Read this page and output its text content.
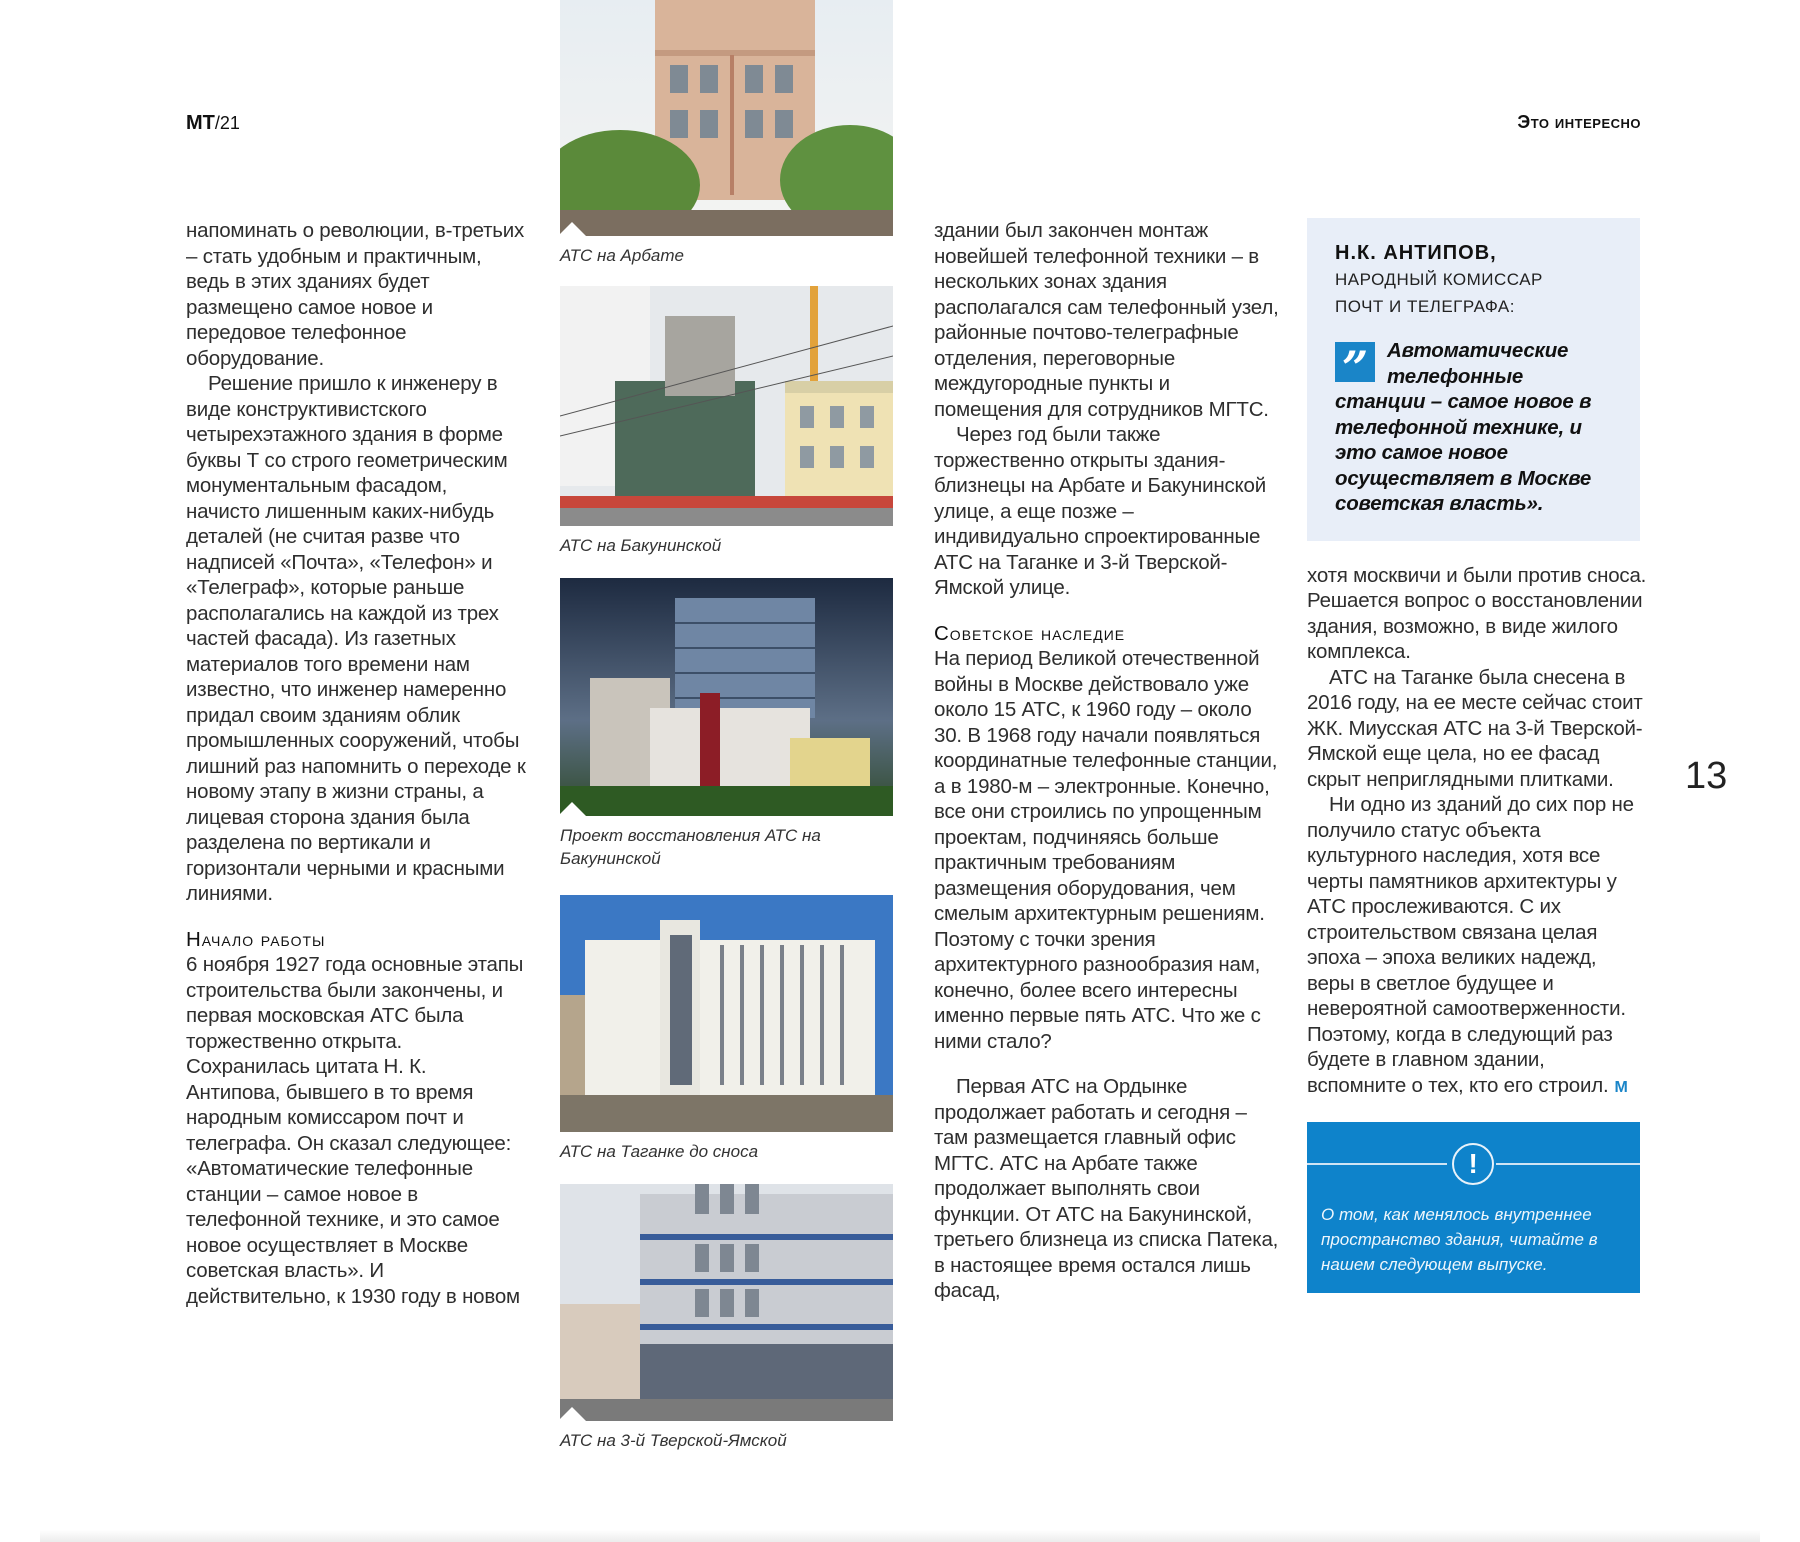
МТ/21	Это интересно

напоминать о революции, в-третьих – стать удобным и практичным, ведь в этих зданиях будет размещено самое новое и передовое телефонное оборудование.

Решение пришло к инженеру в виде конструктивистского четырехэтажного здания в форме буквы Т со строго геометрическим монументальным фасадом, начисто лишенным каких-нибудь деталей (не считая разве что надписей «Почта», «Телефон» и «Телеграф», которые раньше располагались на каждой из трех частей фасада). Из газетных материалов того времени нам известно, что инженер намеренно придал своим зданиям облик промышленных сооружений, чтобы лишний раз напомнить о переходе к новому этапу в жизни страны, а лицевая сторона здания была разделена по вертикали и горизонтали черными и красными линиями.

Начало работы

6 ноября 1927 года основные этапы строительства были закончены, и первая московская АТС была торжественно открыта. Сохранилась цитата Н. К. Антипова, бывшего в то время народным комиссаром почт и телеграфа. Он сказал следующее: «Автоматические телефонные станции – самое новое в телефонной технике, и это самое новое осуществляет в Москве советская власть». И действительно, к 1930 году в новом

АТС на Арбате
АТС на Бакунинской
Проект восстановления АТС на Бакунинской
АТС на Таганке до сноса
АТС на 3-й Тверской-Ямской

здании был закончен монтаж новейшей телефонной техники – в нескольких зонах здания располагался сам телефонный узел, районные почтово-телеграфные отделения, переговорные междугородные пункты и помещения для сотрудников МГТС.

Через год были также торжественно открыты здания-близнецы на Арбате и Бакунинской улице, а еще позже – индивидуально спроектированные АТС на Таганке и 3-й Тверской-Ямской улице.

Советское наследие

На период Великой отечественной войны в Москве действовало уже около 15 АТС, к 1960 году – около 30. В 1968 году начали появляться координатные телефонные станции, а в 1980-м – электронные. Конечно, все они строились по упрощенным проектам, подчиняясь больше практичным требованиям размещения оборудования, чем смелым архитектурным решениям. Поэтому с точки зрения архитектурного разнообразия нам, конечно, более всего интересны именно первые пять АТС. Что же с ними стало?

Первая АТС на Ордынке продолжает работать и сегодня – там размещается главный офис МГТС. АТС на Арбате также продолжает выполнять свои функции. От АТС на Бакунинской, третьего близнеца из списка Патека, в настоящее время остался лишь фасад,

Н.К. АНТИПОВ,
НАРОДНЫЙ КОМИССАР
ПОЧТ И ТЕЛЕГРАФА:
” Автоматические телефонные станции – самое новое в телефонной технике, и это самое новое осуществляет в Москве советская власть».

хотя москвичи и были против сноса. Решается вопрос о восстановлении здания, возможно, в виде жилого комплекса.

АТС на Таганке была снесена в 2016 году, на ее месте сейчас стоит ЖК. Миусская АТС на 3-й Тверской-Ямской еще цела, но ее фасад скрыт неприглядными плитками.

Ни одно из зданий до сих пор не получило статус объекта культурного наследия, хотя все черты памятников архитектуры у АТС прослеживаются. С их строительством связана целая эпоха – эпоха великих надежд, веры в светлое будущее и невероятной самоотверженности. Поэтому, когда в следующий раз будете в главном здании, вспомните о тех, кто его строил. M

!
О том, как менялось внутреннее пространство здания, читайте в нашем следующем выпуске.
13
